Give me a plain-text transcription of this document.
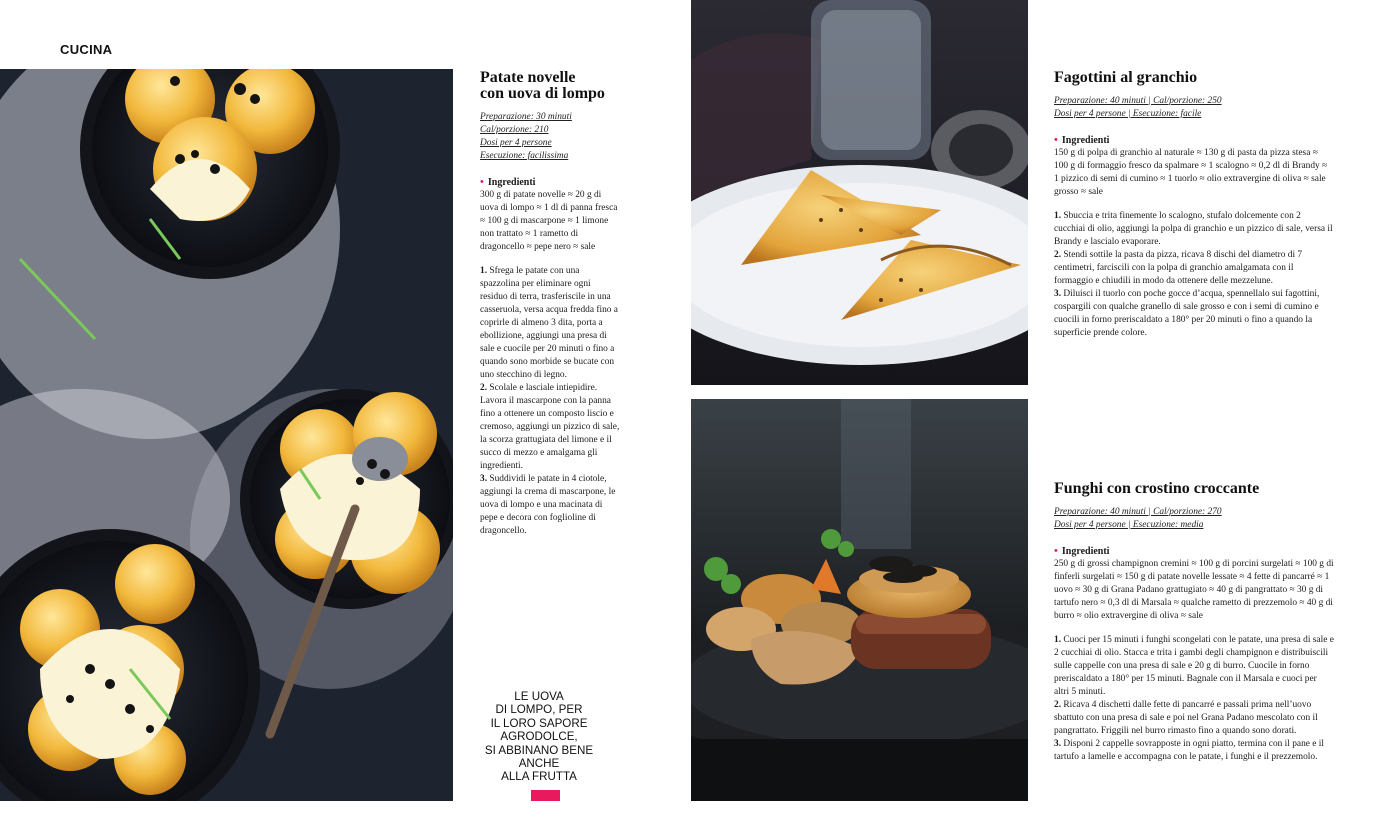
CUCINA
Patate novelle
con uova di lompo
Preparazione: 30 minuti
Cal/porzione: 210
Dosi per 4 persone
Esecuzione: facilissima
• Ingredienti
300 g di patate novelle ≈ 20 g di uova di lompo ≈ 1 dl di panna fresca ≈ 100 g di mascarpone ≈ 1 limone non trattato ≈ 1 rametto di dragoncello ≈ pepe nero ≈ sale
1. Sfrega le patate con una spazzolina per eliminare ogni residuo di terra, trasferiscile in una casseruola, versa acqua fredda fino a coprirle di almeno 3 dita, porta a ebollizione, aggiungi una presa di sale e cuocile per 20 minuti o fino a quando sono morbide se bucate con uno stecchino di legno.
2. Scolale e lasciale intiepidire. Lavora il mascarpone con la panna fino a ottenere un composto liscio e cremoso, aggiungi un pizzico di sale, la scorza grattugiata del limone e il succo di mezzo e amalgama gli ingredienti.
3. Suddividi le patate in 4 ciotole, aggiungi la crema di mascarpone, le uova di lompo e una macinata di pepe e decora con foglioline di dragoncello.
LE UOVA
DI LOMPO, PER
IL LORO SAPORE
AGRODOLCE,
SI ABBINANO BENE
ANCHE
ALLA FRUTTA
Fagottini al granchio
Preparazione: 40 minuti | Cal/porzione: 250
Dosi per 4 persone | Esecuzione: facile
• Ingredienti
150 g di polpa di granchio al naturale ≈ 130 g di pasta da pizza stesa ≈ 100 g di formaggio fresco da spalmare ≈ 1 scalogno ≈ 0,2 dl di Brandy ≈ 1 pizzico di semi di cumino ≈ 1 tuorlo ≈ olio extravergine di oliva ≈ sale grosso ≈ sale
1. Sbuccia e trita finemente lo scalogno, stufalo dolcemente con 2 cucchiai di olio, aggiungi la polpa di granchio e un pizzico di sale, versa il Brandy e lascialo evaporare.
2. Stendi sottile la pasta da pizza, ricava 8 dischi del diametro di 7 centimetri, farciscili con la polpa di granchio amalgamata con il formaggio e chiudili in modo da ottenere delle mezzelune.
3. Diluisci il tuorlo con poche gocce d’acqua, spennellalo sui fagottini, cospargili con qualche granello di sale grosso e con i semi di cumino e cuocili in forno preriscaldato a 180° per 20 minuti o fino a quando la superficie prende colore.
Funghi con crostino croccante
Preparazione: 40 minuti | Cal/porzione: 270
Dosi per 4 persone | Esecuzione: media
• Ingredienti
250 g di grossi champignon cremini ≈ 100 g di porcini surgelati ≈ 100 g di finferli surgelati ≈ 150 g di patate novelle lessate ≈ 4 fette di pancarré ≈ 1 uovo ≈ 30 g di Grana Padano grattugiato ≈ 40 g di pangrattato ≈ 30 g di tartufo nero ≈ 0,3 dl di Marsala ≈ qualche rametto di prezzemolo ≈ 40 g di burro ≈ olio extravergine di oliva ≈ sale
1. Cuoci per 15 minuti i funghi scongelati con le patate, una presa di sale e 2 cucchiai di olio. Stacca e trita i gambi degli champignon e distribuiscili sulle cappelle con una presa di sale e 20 g di burro. Cuocile in forno preriscaldato a 180° per 15 minuti. Bagnale con il Marsala e cuoci per altri 5 minuti.
2. Ricava 4 dischetti dalle fette di pancarré e passali prima nell’uovo sbattuto con una presa di sale e poi nel Grana Padano mescolato con il pangrattato. Friggili nel burro rimasto fino a quando sono dorati.
3. Disponi 2 cappelle sovrapposte in ogni piatto, termina con il pane e il tartufo a lamelle e accompagna con le patate, i funghi e il prezzemolo.
